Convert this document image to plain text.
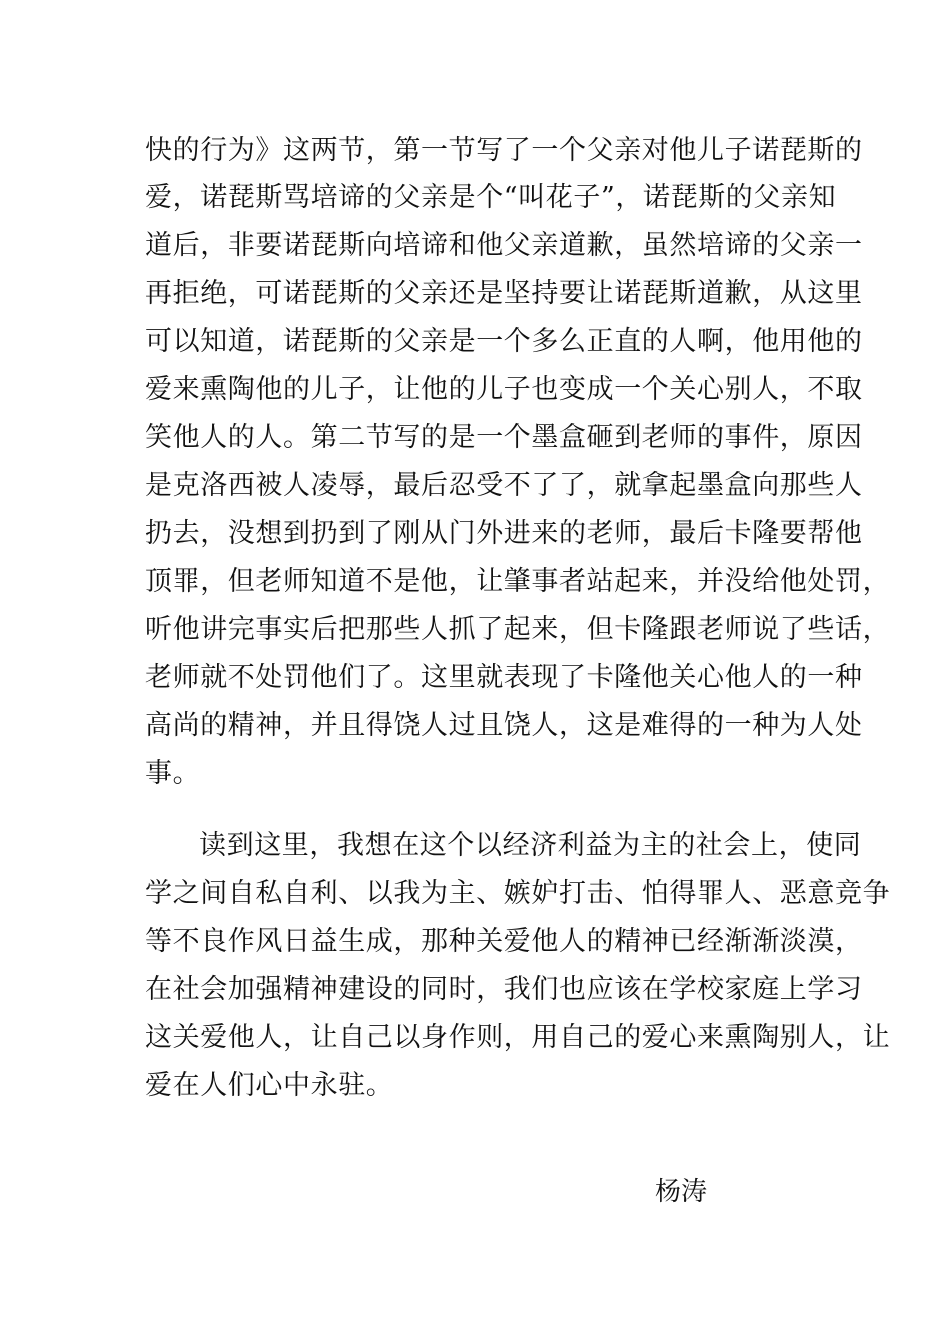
快的行为》这两节，第一节写了一个父亲对他儿子诺琵斯的
爱，诺琵斯骂培谛的父亲是个“叫花子”，诺琵斯的父亲知
道后，非要诺琵斯向培谛和他父亲道歉，虽然培谛的父亲一
再拒绝，可诺琵斯的父亲还是坚持要让诺琵斯道歉，从这里
可以知道，诺琵斯的父亲是一个多么正直的人啊，他用他的
爱来熏陶他的儿子，让他的儿子也变成一个关心别人，不取
笑他人的人。第二节写的是一个墨盒砸到老师的事件，原因
是克洛西被人凌辱，最后忍受不了了，就拿起墨盒向那些人
扔去，没想到扔到了刚从门外进来的老师，最后卡隆要帮他
顶罪，但老师知道不是他，让肇事者站起来，并没给他处罚，
听他讲完事实后把那些人抓了起来，但卡隆跟老师说了些话，
老师就不处罚他们了。这里就表现了卡隆他关心他人的一种
高尚的精神，并且得饶人过且饶人，这是难得的一种为人处
事。
读到这里，我想在这个以经济利益为主的社会上，使同
学之间自私自利、以我为主、嫉妒打击、怕得罪人、恶意竞争
等不良作风日益生成，那种关爱他人的精神已经渐渐淡漠，
在社会加强精神建设的同时，我们也应该在学校家庭上学习
这关爱他人，让自己以身作则，用自己的爱心来熏陶别人，让
爱在人们心中永驻。
杨涛
